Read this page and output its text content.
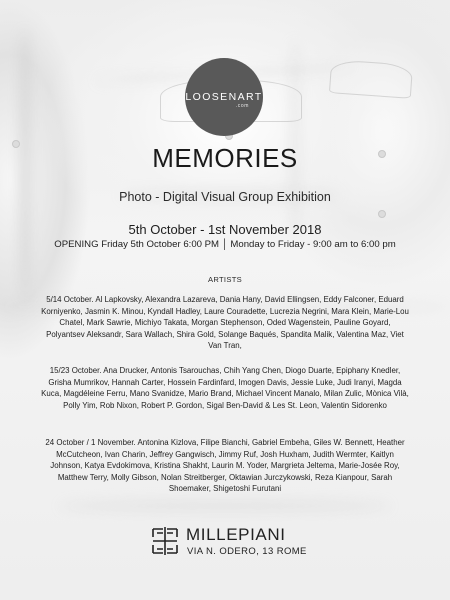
LOOSENART
.com
MEMORIES
Photo - Digital Visual Group Exhibition
5th October - 1st November 2018
OPENING Friday 5th October 6:00 PM │ Monday to Friday - 9:00 am to 6:00 pm
ARTISTS
5/14 October. Al Lapkovsky, Alexandra Lazareva, Dania Hany, David Ellingsen, Eddy Falconer, Eduard Korniyenko, Jasmin K. Minou, Kyndall Hadley, Laure Couradette, Lucrezia Negrini, Mara Klein, Marie-Lou Chatel, Mark Sawrie, Michiyo Takata, Morgan Stephenson, Oded Wagenstein, Pauline Goyard, Polyantsev Aleksandr, Sara Wallach, Shira Gold, Solange Baqués, Spandita Malik, Valentina Maz, Viet Van Tran,
15/23 October. Ana Drucker, Antonis Tsarouchas, Chih Yang Chen, Diogo Duarte, Epiphany Knedler, Grisha Mumrikov, Hannah Carter, Hossein Fardinfard, Imogen Davis, Jessie Luke, Judi Iranyi, Magda Kuca, Magdéleine Ferru, Mano Svanidze, Mario Brand, Michael Vincent Manalo, Milan Zulic, Mònica Vilà, Polly Yim, Rob Nixon, Robert P. Gordon, Sigal Ben-David & Les St. Leon, Valentin Sidorenko
24 October / 1 November. Antonina Kizlova, Filipe Bianchi, Gabriel Embeha, Giles W. Bennett, Heather McCutcheon, Ivan Charin, Jeffrey Gangwisch, Jimmy Ruf, Josh Huxham, Judith Wermter, Kaitlyn Johnson, Katya Evdokimova, Kristina Shakht, Laurin M. Yoder, Margrieta Jeltema, Marie-Josée Roy, Matthew Terry, Molly Gibson, Nolan Streitberger, Oktawian Jurczykowski, Reza Kianpour, Sarah Shoemaker, Shigetoshi Furutani
MILLEPIANI
VIA N. ODERO, 13 ROME
